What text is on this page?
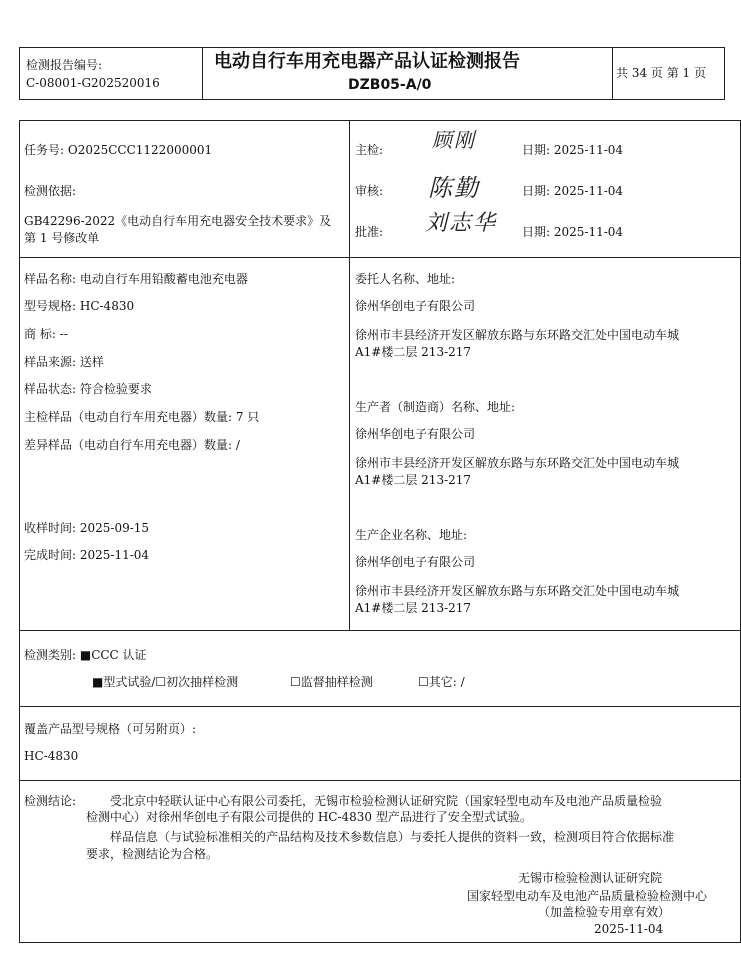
检测报告编号:
C-08001-G202520016
电动自行车用充电器产品认证检测报告
DZB05-A/0
共 34 页 第 1 页
任务号: O2025CCC1122000001
检测依据:
GB42296-2022《电动自行车用充电器安全技术要求》及
第 1 号修改单
主检: 顾刚	日期: 2025-11-04
审核: 陈勤	日期: 2025-11-04
批准: 刘志华 日期: 2025-11-04
样品名称: 电动自行车用铅酸蓄电池充电器
型号规格: HC-4830
商 标: --
样品来源: 送样
样品状态: 符合检验要求
主检样品（电动自行车用充电器）数量: 7 只
差异样品（电动自行车用充电器）数量: /
收样时间: 2025-09-15
完成时间: 2025-11-04
委托人名称、地址:
徐州华创电子有限公司
徐州市丰县经济开发区解放东路与东环路交汇处中国电动车城
A1#楼二层 213-217
生产者（制造商）名称、地址:
徐州华创电子有限公司
徐州市丰县经济开发区解放东路与东环路交汇处中国电动车城
A1#楼二层 213-217
生产企业名称、地址:
徐州华创电子有限公司
徐州市丰县经济开发区解放东路与东环路交汇处中国电动车城
A1#楼二层 213-217
检测类别: ■CCC 认证
■型式试验/☐初次抽样检测	☐监督抽样检测	☐其它: /
覆盖产品型号规格（可另附页）:
HC-4830
检测结论:	受北京中轻联认证中心有限公司委托，无锡市检验检测认证研究院（国家轻型电动车及电池产品质量检验
检测中心）对徐州华创电子有限公司提供的 HC-4830 型产品进行了安全型式试验。
样品信息（与试验标准相关的产品结构及技术参数信息）与委托人提供的资料一致，检测项目符合依据标准
要求，检测结论为合格。
无锡市检验检测认证研究院
国家轻型电动车及电池产品质量检验检测中心
（加盖检验专用章有效）
2025-11-04
